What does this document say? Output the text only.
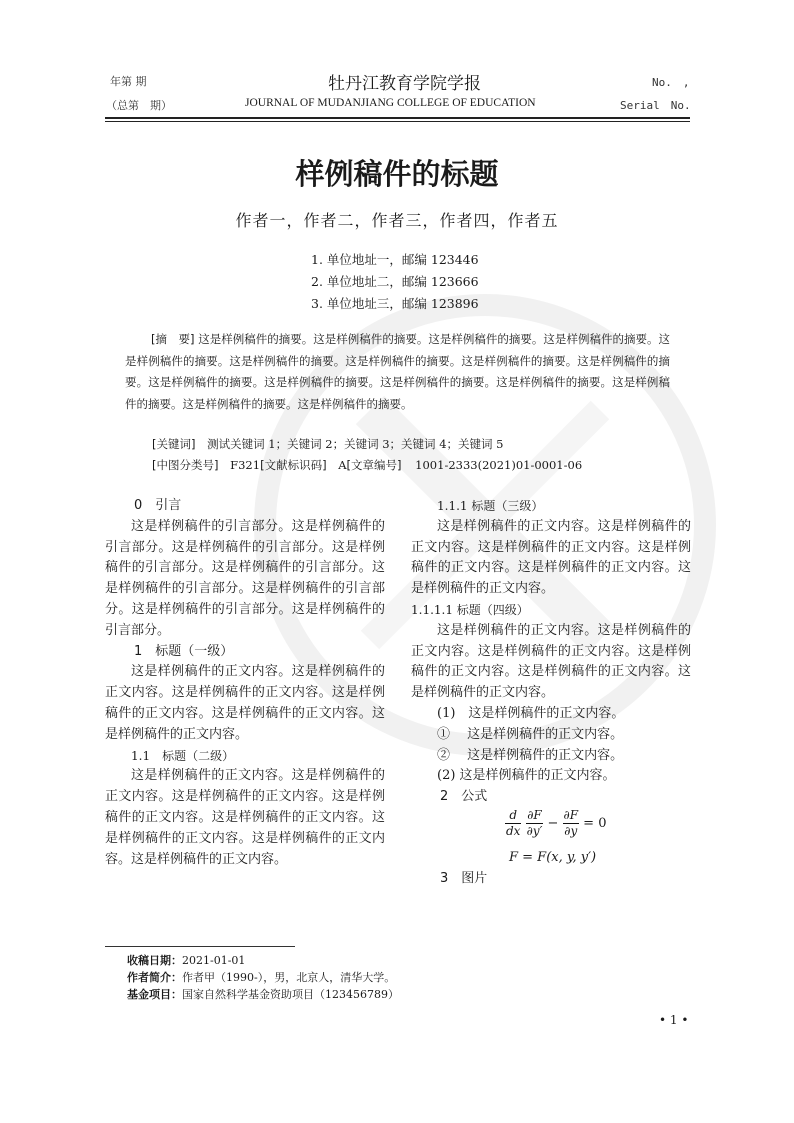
年第 期
（总第　期）
牡丹江教育学院学报
JOURNAL OF MUDANJIANG COLLEGE OF EDUCATION
No.　,
Serial　No.
样例稿件的标题
作者一，作者二，作者三，作者四，作者五
1. 单位地址一，邮编 123446
2. 单位地址二，邮编 123666
3. 单位地址三，邮编 123896
[摘　要] 这是样例稿件的摘要。这是样例稿件的摘要。这是样例稿件的摘要。这是样例稿件的摘要。这是样例稿件的摘要。这是样例稿件的摘要。这是样例稿件的摘要。这是样例稿件的摘要。这是样例稿件的摘要。这是样例稿件的摘要。这是样例稿件的摘要。这是样例稿件的摘要。这是样例稿件的摘要。这是样例稿件的摘要。这是样例稿件的摘要。这是样例稿件的摘要。
[关键词] 测试关键词 1；关键词 2；关键词 3；关键词 4；关键词 5
[中图分类号] F321[文献标识码] A[文章编号] 1001-2333(2021)01-0001-06
0　引言

这是样例稿件的引言部分。这是样例稿件的引言部分。这是样例稿件的引言部分。这是样例稿件的引言部分。这是样例稿件的引言部分。这是样例稿件的引言部分。这是样例稿件的引言部分。这是样例稿件的引言部分。这是样例稿件的引言部分。

1　标题（一级）

这是样例稿件的正文内容。这是样例稿件的正文内容。这是样例稿件的正文内容。这是样例稿件的正文内容。这是样例稿件的正文内容。这是样例稿件的正文内容。

1.1　标题（二级）

这是样例稿件的正文内容。这是样例稿件的正文内容。这是样例稿件的正文内容。这是样例稿件的正文内容。这是样例稿件的正文内容。这是样例稿件的正文内容。这是样例稿件的正文内容。这是样例稿件的正文内容。

1.1.1 标题（三级）

这是样例稿件的正文内容。这是样例稿件的正文内容。这是样例稿件的正文内容。这是样例稿件的正文内容。这是样例稿件的正文内容。这是样例稿件的正文内容。

1.1.1.1 标题（四级）

这是样例稿件的正文内容。这是样例稿件的正文内容。这是样例稿件的正文内容。这是样例稿件的正文内容。这是样例稿件的正文内容。这是样例稿件的正文内容。

(1)　这是样例稿件的正文内容。
①　 这是样例稿件的正文内容。
②　 这是样例稿件的正文内容。
(2) 这是样例稿件的正文内容。
2　公式
$\frac{d}{dx}$
$\frac{\partial F}{\partial y'} - \frac{\partial F}{\partial y} = 0$
F = F(x, y, y′)
3　图片
收稿日期：2021-01-01
作者简介：作者甲（1990-），男，北京人，清华大学。
基金项目：国家自然科学基金资助项目（123456789）
• 1 •
